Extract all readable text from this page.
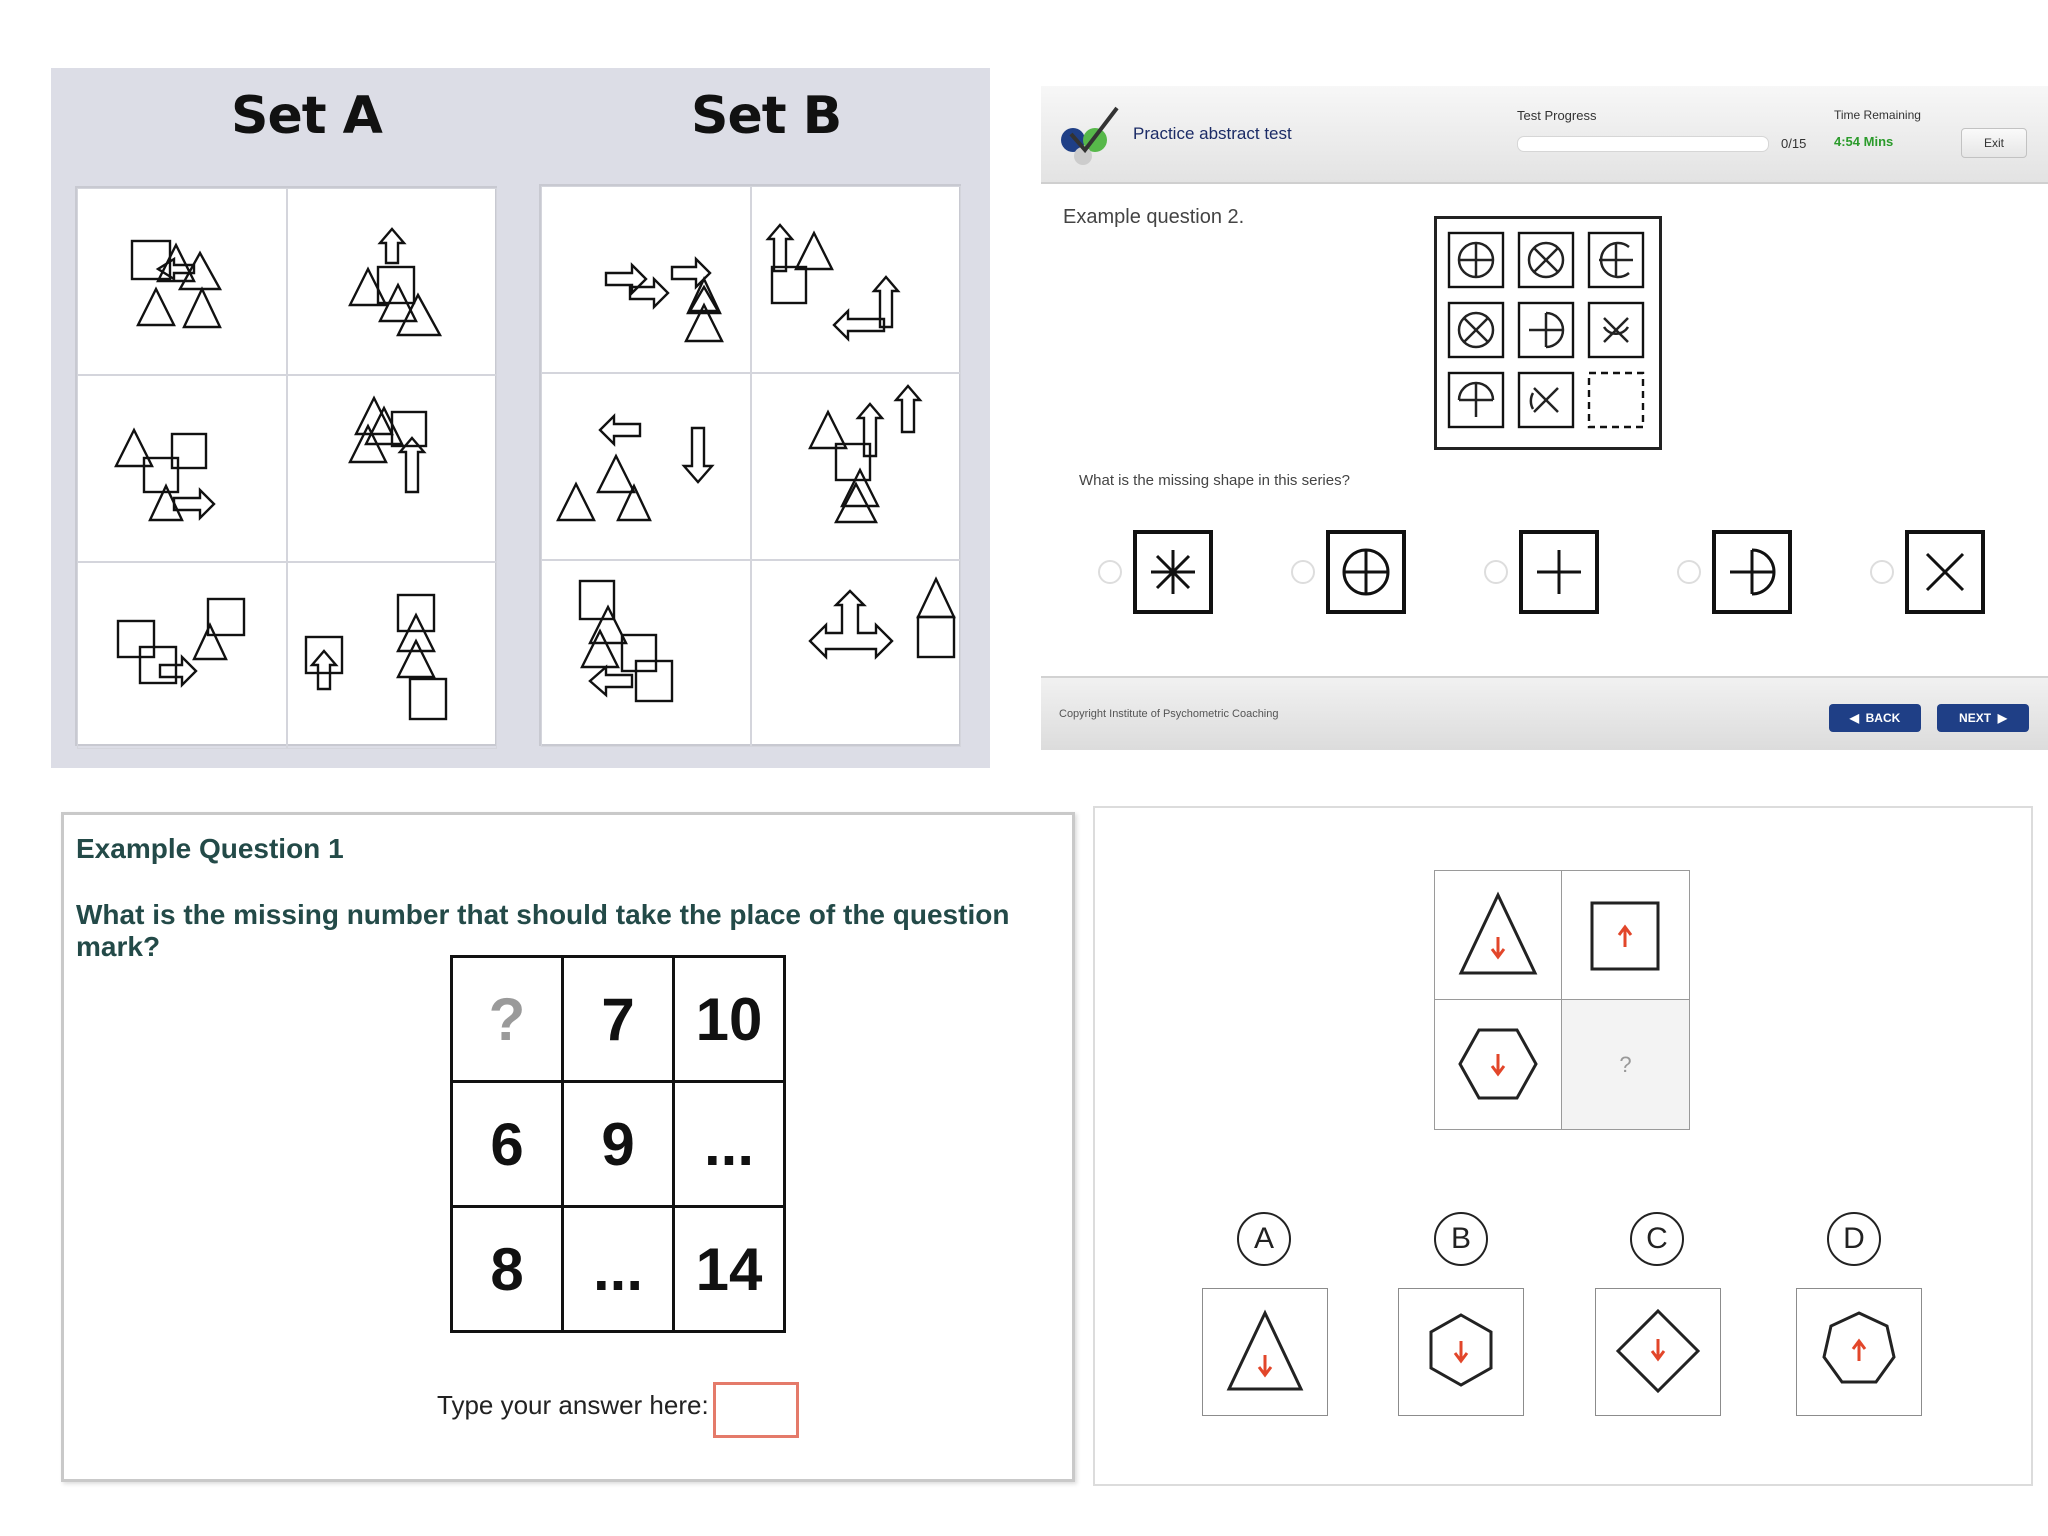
Set A	Set B	Practice abstract test
Test Progress
0/15
Time Remaining
4:54 Mins	Exit
Example question 2.
What is the missing shape in this series?
Copyright Institute of Psychometric Coaching	◀ BACK	NEXT ▶
Example Question 1
What is the missing number that should take the place of the question mark?
?	7	10
6	9	...
8	...	14
Type your answer here:
?
A	B	C	D
